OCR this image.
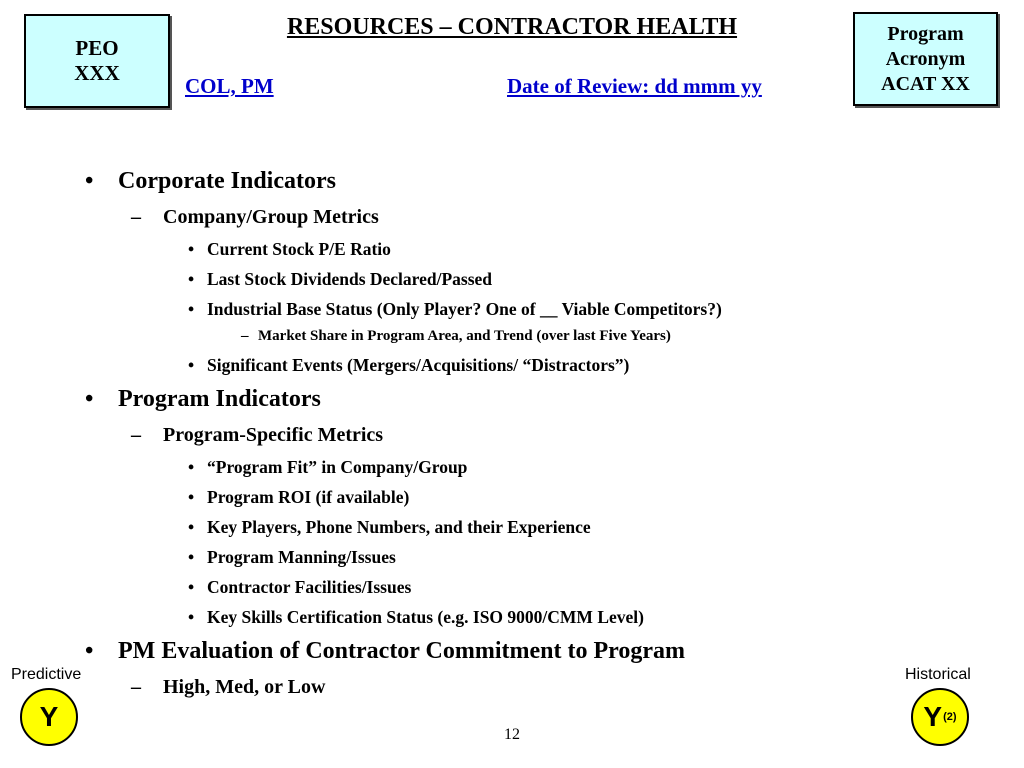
PEO
XXX
RESOURCES – CONTRACTOR HEALTH	Program
Acronym
ACAT XX
COL, PM	Date of Review: dd mmm yy
• Corporate Indicators
– Company/Group Metrics
• Current Stock P/E Ratio
• Last Stock Dividends Declared/Passed
• Industrial Base Status (Only Player? One of __ Viable Competitors?)
– Market Share in Program Area, and Trend (over last Five Years)
• Significant Events (Mergers/Acquisitions/ “Distractors”)
• Program Indicators
– Program-Specific Metrics
• “Program Fit” in Company/Group
• Program ROI (if available)
• Key Players, Phone Numbers, and their Experience
• Program Manning/Issues
• Contractor Facilities/Issues
• Key Skills Certification Status (e.g. ISO 9000/CMM Level)
• PM Evaluation of Contractor Commitment to Program
– High, Med, or Low
Predictive
Y
Historical
Y (2)
12
